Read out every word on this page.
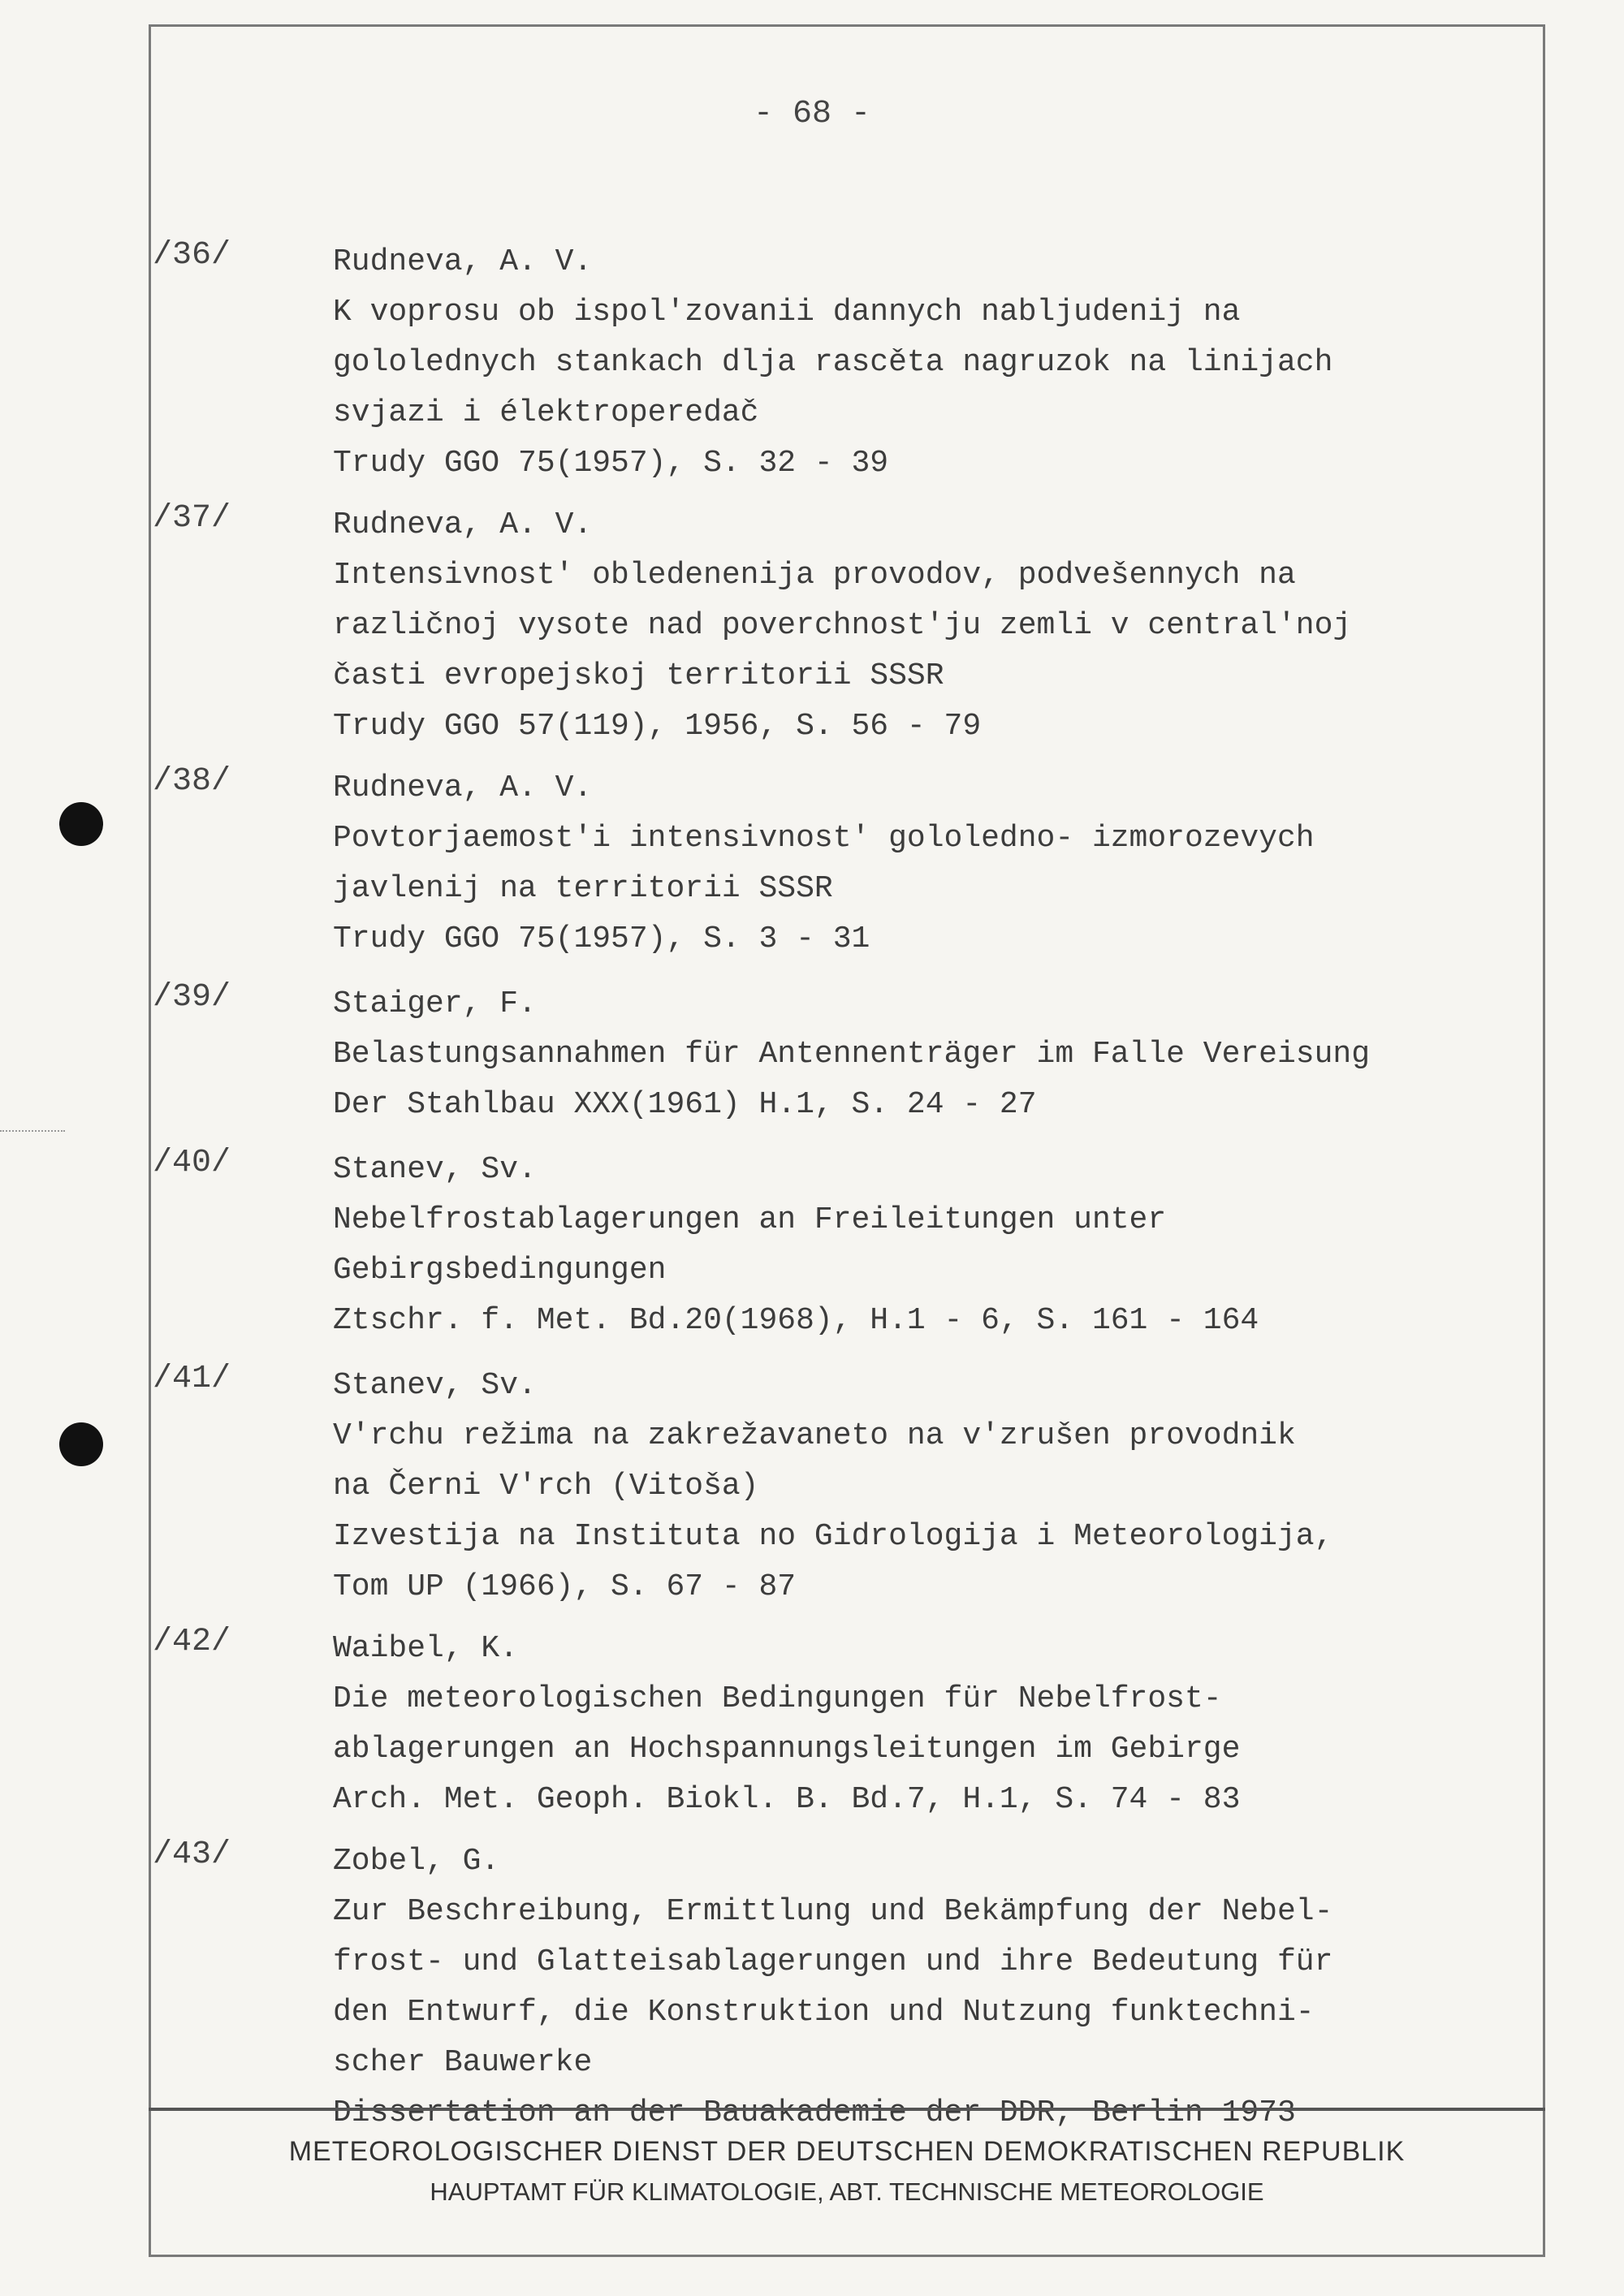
- 68 -
/36/	Rudneva, A. V.
K voprosu ob ispol'zovanii dannych nabljudenij na
gololednych stankach dlja rascěta nagruzok na linijach
svjazi i élektroperedač
Trudy GGO 75(1957), S. 32 - 39
/37/	Rudneva, A. V.
Intensivnost' obledenenija provodov, podvešennych na
različnoj vysote nad poverchnost'ju zemli v central'noj
časti evropejskoj territorii SSSR
Trudy GGO 57(119), 1956, S. 56 - 79
/38/	Rudneva, A. V.
Povtorjaemost'i intensivnost' gololedno- izmorozevych
javlenij na territorii SSSR
Trudy GGO 75(1957), S. 3 - 31
/39/	Staiger, F.
Belastungsannahmen für Antennenträger im Falle Vereisung
Der Stahlbau XXX(1961) H.1, S. 24 - 27
/40/	Stanev, Sv.
Nebelfrostablagerungen an Freileitungen unter
Gebirgsbedingungen
Ztschr. f. Met. Bd.20(1968), H.1 - 6, S. 161 - 164
/41/	Stanev, Sv.
V'rchu režima na zakrežavaneto na v'zrušen provodnik
na Černi V'rch (Vitoša)
Izvestija na Instituta no Gidrologija i Meteorologija,
Tom UP (1966), S. 67 - 87
/42/	Waibel, K.
Die meteorologischen Bedingungen für Nebelfrost-
ablagerungen an Hochspannungsleitungen im Gebirge
Arch. Met. Geoph. Biokl. B. Bd.7, H.1, S. 74 - 83
/43/	Zobel, G.
Zur Beschreibung, Ermittlung und Bekämpfung der Nebel-
frost- und Glatteisablagerungen und ihre Bedeutung für
den Entwurf, die Konstruktion und Nutzung funktechni-
scher Bauwerke
Dissertation an der Bauakademie der DDR, Berlin 1973
METEOROLOGISCHER DIENST DER DEUTSCHEN DEMOKRATISCHEN REPUBLIK
HAUPTAMT FÜR KLIMATOLOGIE, ABT. TECHNISCHE METEOROLOGIE
